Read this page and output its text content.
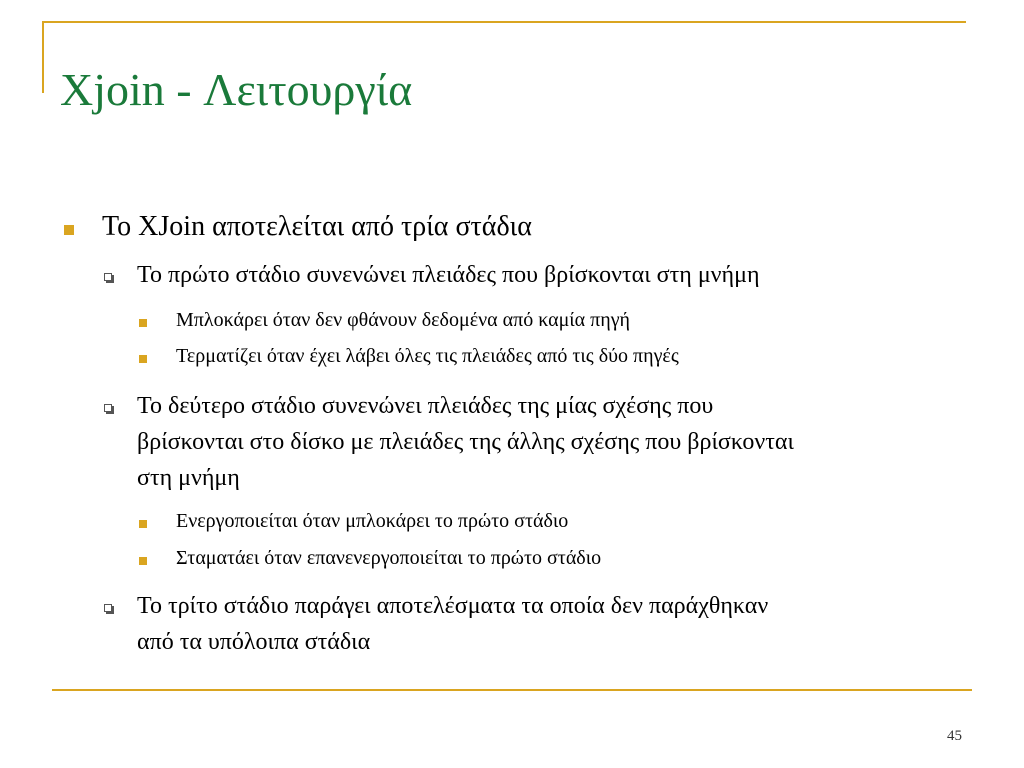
Xjoin - Λειτουργία
Το XJoin αποτελείται από τρία στάδια
Το πρώτο στάδιο συνενώνει πλειάδες που βρίσκονται στη μνήμη
Μπλοκάρει όταν δεν φθάνουν δεδομένα από καμία πηγή
Τερματίζει όταν έχει λάβει όλες τις πλειάδες από τις δύο πηγές
Το δεύτερο στάδιο συνενώνει πλειάδες της μίας σχέσης που
βρίσκονται στο δίσκο με πλειάδες της άλλης σχέσης που βρίσκονται
στη μνήμη
Ενεργοποιείται όταν μπλοκάρει το πρώτο στάδιο
Σταματάει όταν επανενεργοποιείται το πρώτο στάδιο
Το τρίτο στάδιο παράγει αποτελέσματα τα οποία δεν παράχθηκαν
από τα υπόλοιπα στάδια
45
